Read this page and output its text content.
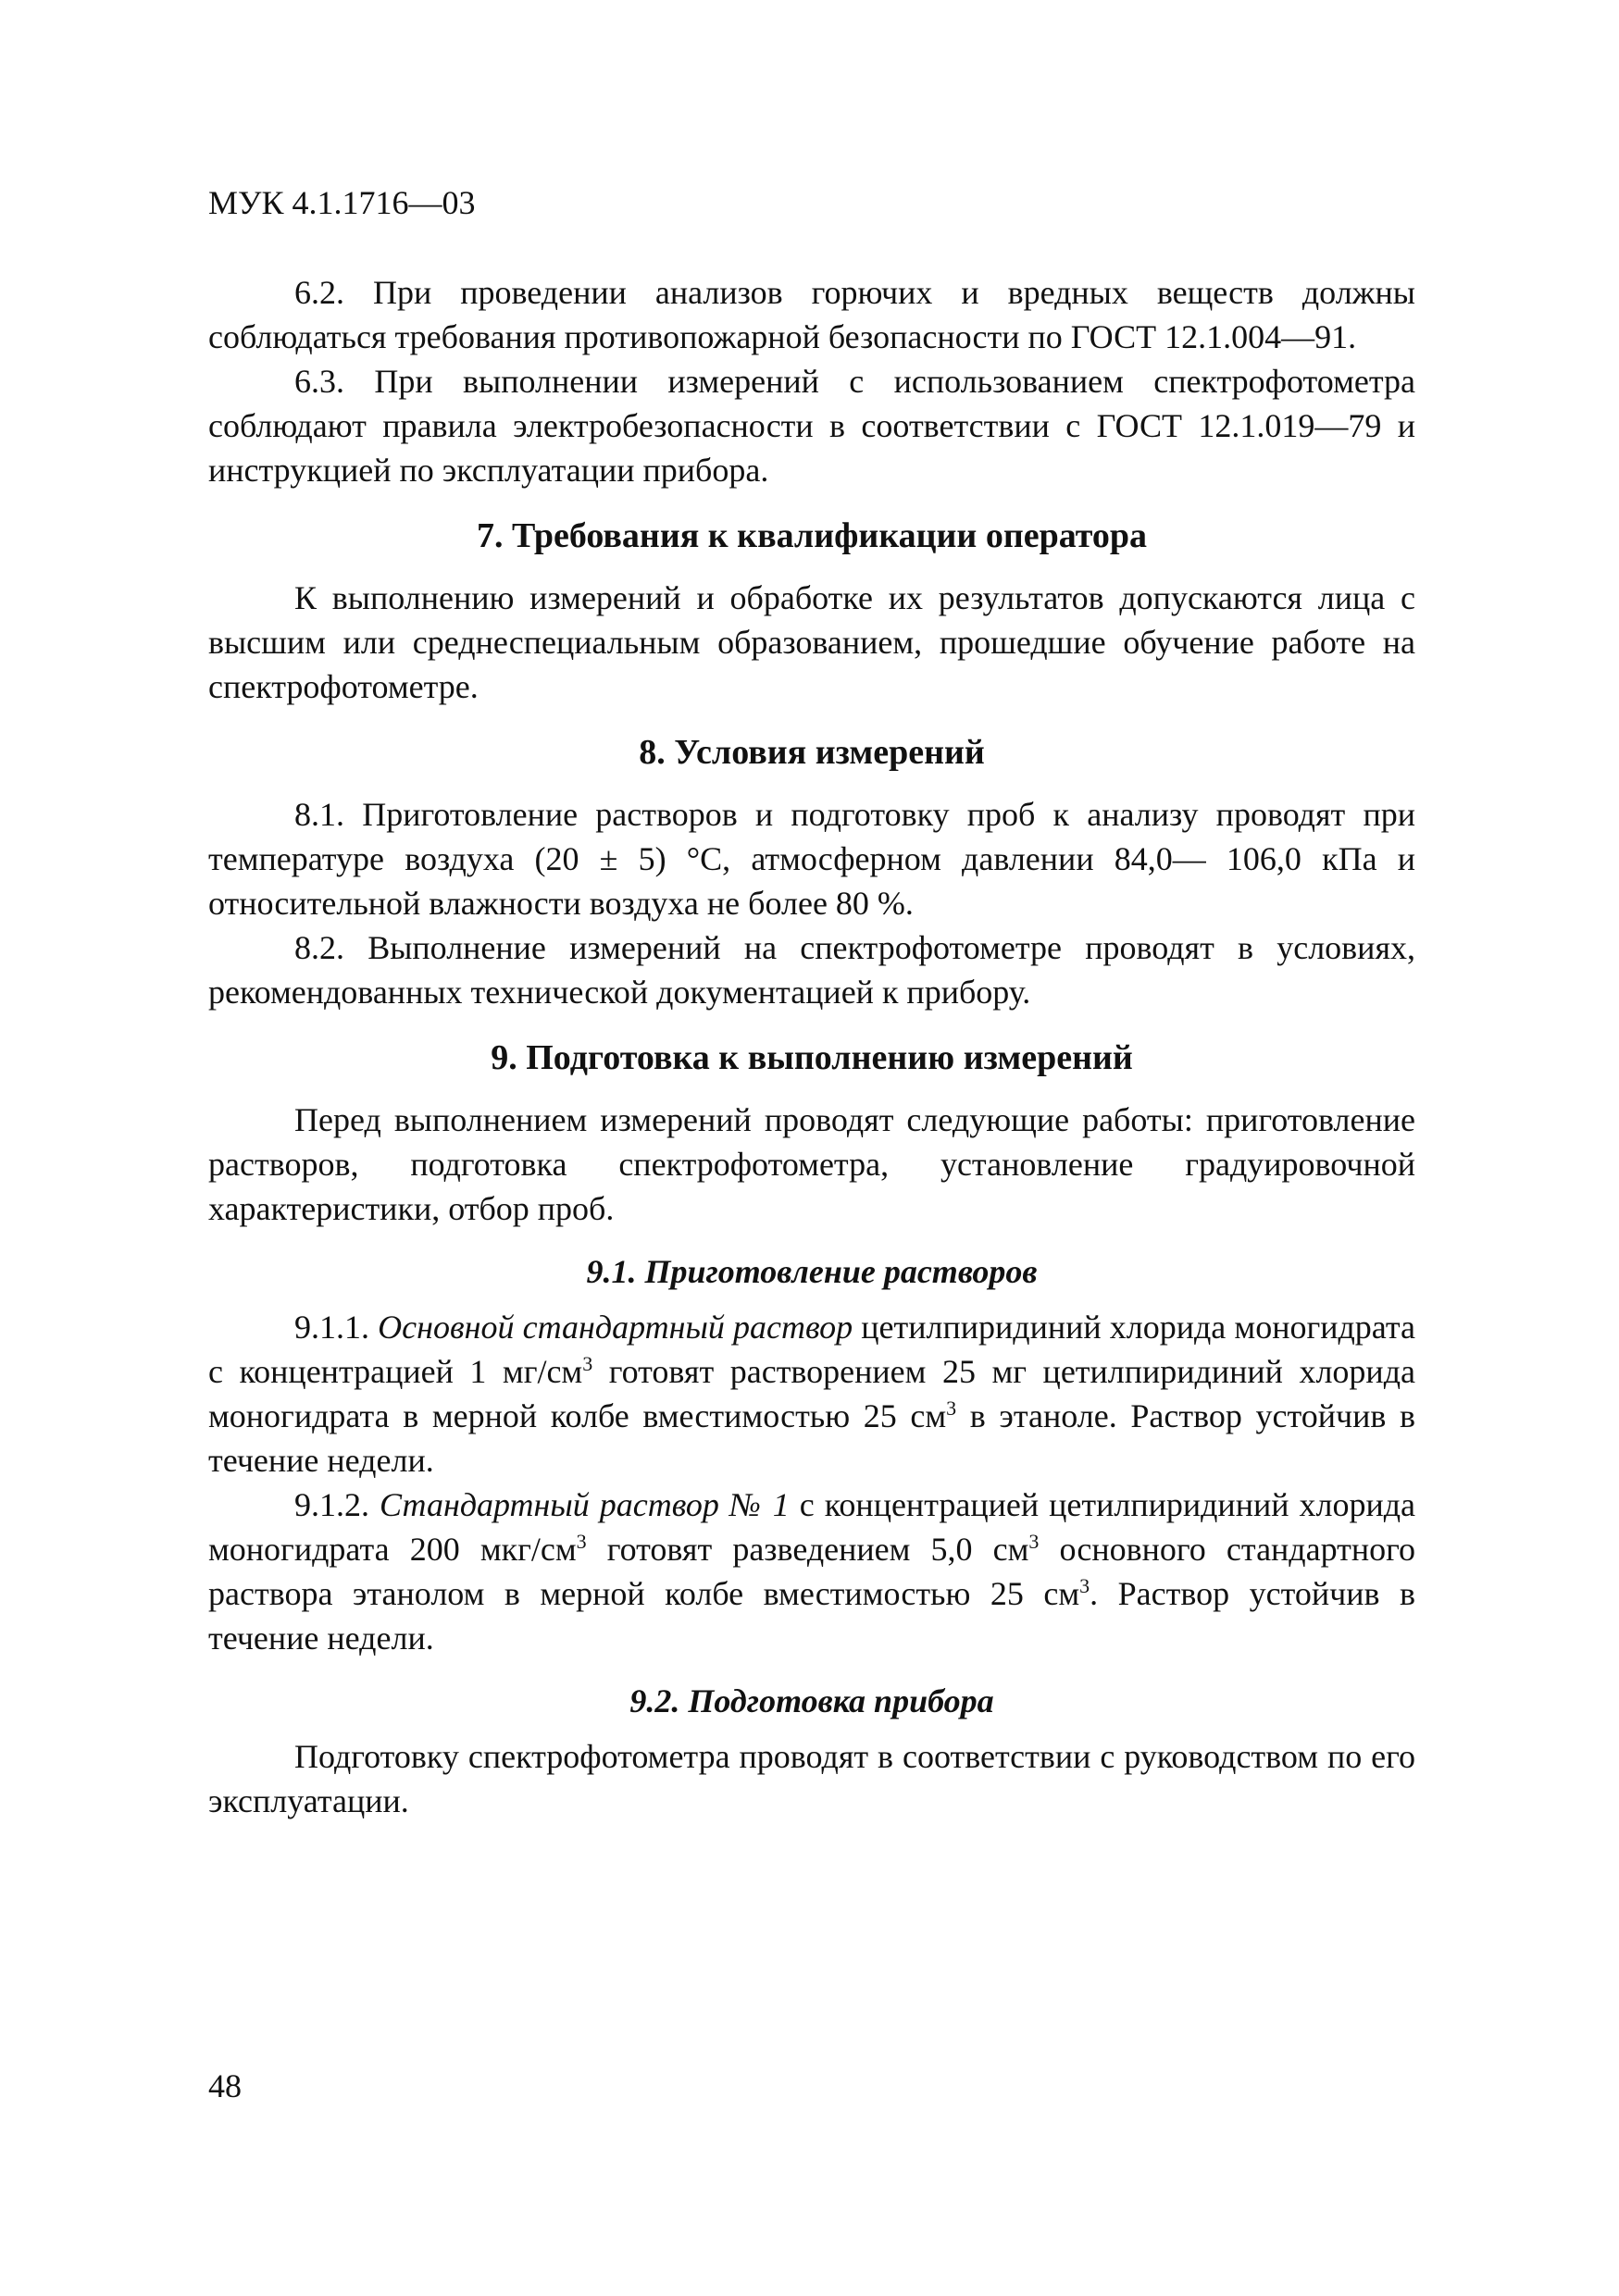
МУК 4.1.1716—03

6.2. При проведении анализов горючих и вредных веществ должны соблюдаться требования противопожарной безопасности по ГОСТ 12.1.004—91.

6.3. При выполнении измерений с использованием спектрофотометра соблюдают правила электробезопасности в соответствии с ГОСТ 12.1.019—79 и инструкцией по эксплуатации прибора.

7. Требования к квалификации оператора

К выполнению измерений и обработке их результатов допускаются лица с высшим или среднеспециальным образованием, прошедшие обучение работе на спектрофотометре.

8. Условия измерений

8.1. Приготовление растворов и подготовку проб к анализу проводят при температуре воздуха (20 ± 5) °С, атмосферном давлении 84,0— 106,0 кПа и относительной влажности воздуха не более 80 %.

8.2. Выполнение измерений на спектрофотометре проводят в условиях, рекомендованных технической документацией к прибору.

9. Подготовка к выполнению измерений

Перед выполнением измерений проводят следующие работы: приготовление растворов, подготовка спектрофотометра, установление градуировочной характеристики, отбор проб.

9.1. Приготовление растворов

9.1.1. Основной стандартный раствор цетилпиридиний хлорида моногидрата с концентрацией 1 $мг/см^3$ готовят растворением 25 мг цетилпиридиний хлорида моногидрата в мерной колбе вместимостью 25 $см^3$ в этаноле. Раствор устойчив в течение недели.

9.1.2. Стандартный раствор № 1 с концентрацией цетилпиридиний хлорида моногидрата 200 мкг/$см^3$ готовят разведением 5,0 $см^3$ основного стандартного раствора этанолом в мерной колбе вместимостью 25 $см^3$. Раствор устойчив в течение недели.

9.2. Подготовка прибора

Подготовку спектрофотометра проводят в соответствии с руководством по его эксплуатации.

48
